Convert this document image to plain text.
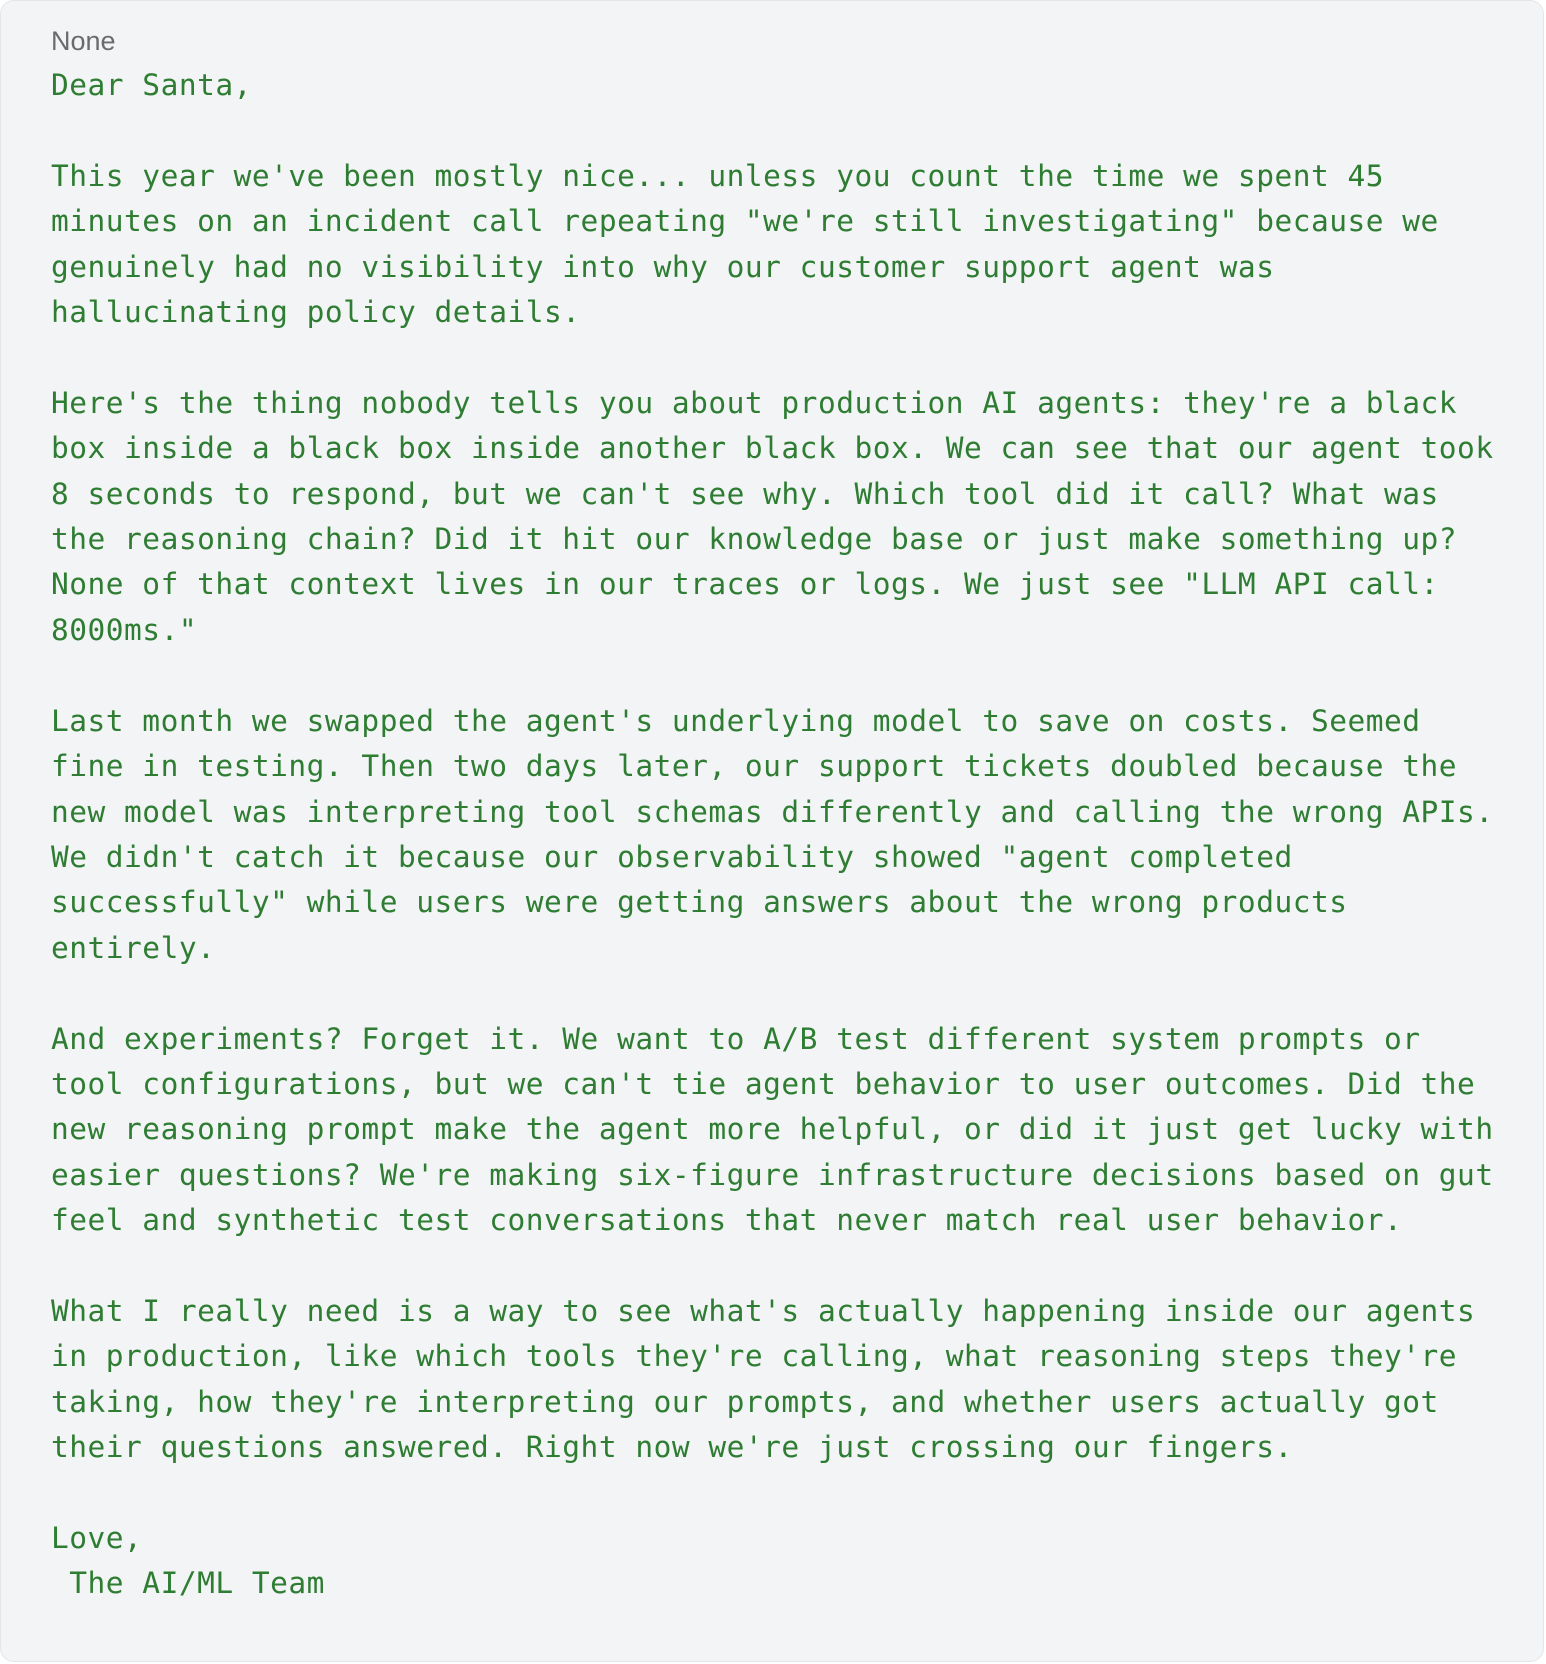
None
Dear Santa,

This year we've been mostly nice... unless you count the time we spent 45
minutes on an incident call repeating "we're still investigating" because we
genuinely had no visibility into why our customer support agent was
hallucinating policy details.

Here's the thing nobody tells you about production AI agents: they're a black
box inside a black box inside another black box. We can see that our agent took
8 seconds to respond, but we can't see why. Which tool did it call? What was
the reasoning chain? Did it hit our knowledge base or just make something up?
None of that context lives in our traces or logs. We just see "LLM API call:
8000ms."

Last month we swapped the agent's underlying model to save on costs. Seemed
fine in testing. Then two days later, our support tickets doubled because the
new model was interpreting tool schemas differently and calling the wrong APIs.
We didn't catch it because our observability showed "agent completed
successfully" while users were getting answers about the wrong products
entirely.

And experiments? Forget it. We want to A/B test different system prompts or
tool configurations, but we can't tie agent behavior to user outcomes. Did the
new reasoning prompt make the agent more helpful, or did it just get lucky with
easier questions? We're making six-figure infrastructure decisions based on gut
feel and synthetic test conversations that never match real user behavior.

What I really need is a way to see what's actually happening inside our agents
in production, like which tools they're calling, what reasoning steps they're
taking, how they're interpreting our prompts, and whether users actually got
their questions answered. Right now we're just crossing our fingers.

Love,
The AI/ML Team
